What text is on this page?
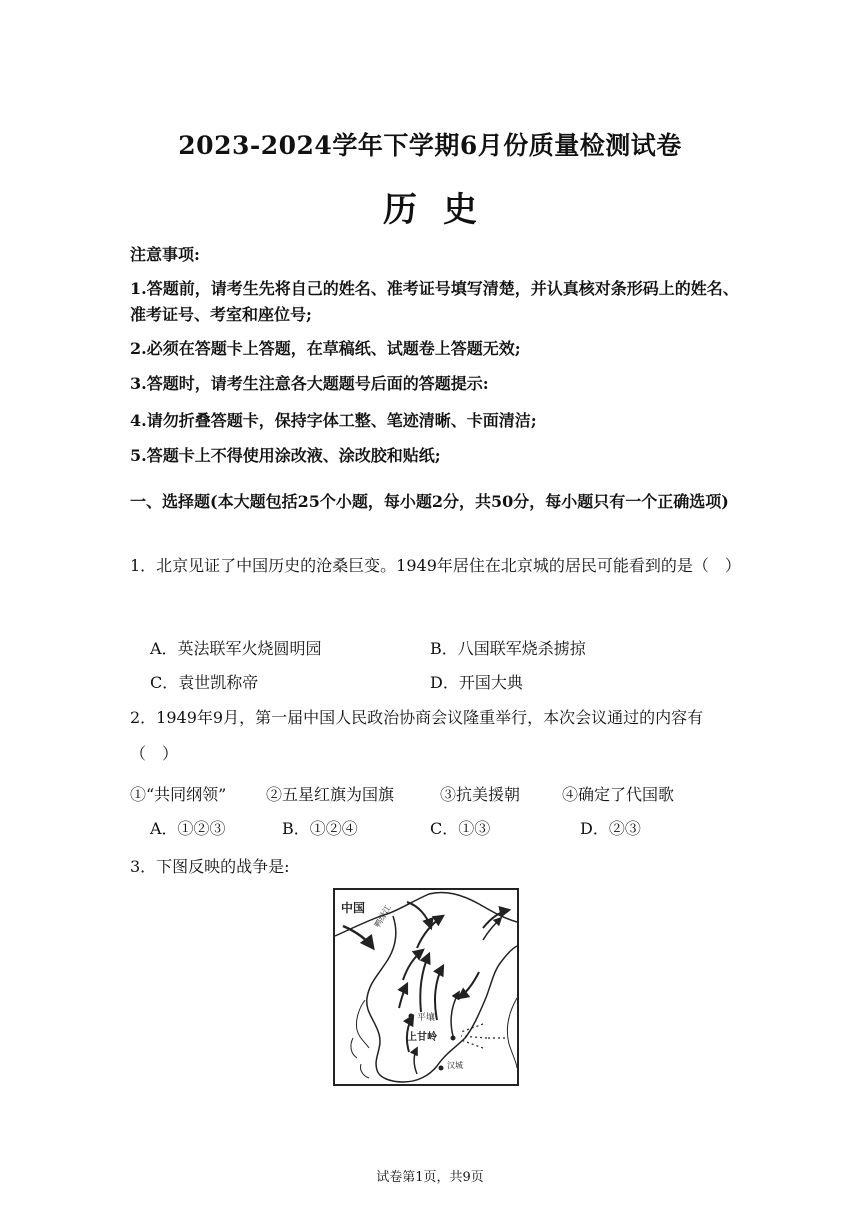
2023-2024学年下学期6月份质量检测试卷
历史
注意事项:
1.答题前，请考生先将自己的姓名、准考证号填写清楚，并认真核对条形码上的姓名、准考证号、考室和座位号;
2.必须在答题卡上答题，在草稿纸、试题卷上答题无效;
3.答题时，请考生注意各大题题号后面的答题提示:
4.请勿折叠答题卡，保持字体工整、笔迹清晰、卡面清洁;
5.答题卡上不得使用涂改液、涂改胶和贴纸;
一、选择题(本大题包括25个小题，每小题2分，共50分，每小题只有一个正确选项)
1．北京见证了中国历史的沧桑巨变。1949年居住在北京城的居民可能看到的是（　）
A．英法联军火烧圆明园	B．八国联军烧杀掳掠
C．袁世凯称帝	D．开国大典
2．1949年9月，第一届中国人民政治协商会议隆重举行，本次会议通过的内容有（　）
①“共同纲领” ②五星红旗为国旗	③抗美援朝	④确定了代国歌
A．①②③	B．①②④	C．①③	D．②③
3．下图反映的战争是:
中国 鸭绿江
平壤
上甘岭
汉城
试卷第1页，共9页
